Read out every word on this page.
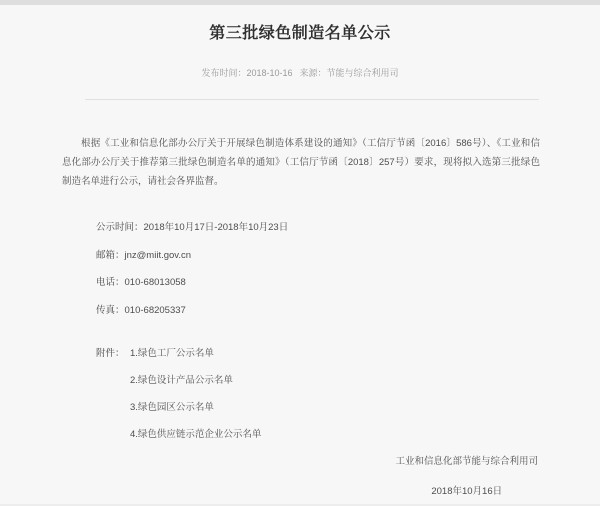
第三批绿色制造名单公示
发布时间：2018-10-16 来源：节能与综合利用司

根据《工业和信息化部办公厅关于开展绿色制造体系建设的通知》（工信厅节函〔2016〕586号）、《工业和信息化部办公厅关于推荐第三批绿色制造名单的通知》（工信厅节函〔2018〕257号）要求，现将拟入选第三批绿色制造名单进行公示，请社会各界监督。

公示时间：2018年10月17日-2018年10月23日
邮箱：jnz@miit.gov.cn
电话：010-68013058
传真：010-68205337
附件： 1.绿色工厂公示名单
2.绿色设计产品公示名单
3.绿色园区公示名单
4.绿色供应链示范企业公示名单
工业和信息化部节能与综合利用司
2018年10月16日
